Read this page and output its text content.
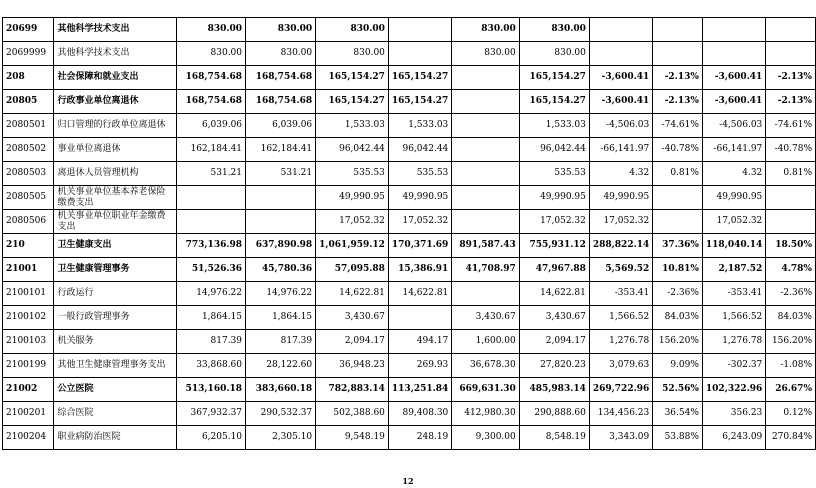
20699	其他科学技术支出	830.00	830.00	830.00		830.00	830.00				
2069999	其他科学技术支出	830.00	830.00	830.00		830.00	830.00				
208	社会保障和就业支出	168,754.68	168,754.68	165,154.27	165,154.27		165,154.27	-3,600.41	-2.13%	-3,600.41	-2.13%
20805	行政事业单位离退休	168,754.68	168,754.68	165,154.27	165,154.27		165,154.27	-3,600.41	-2.13%	-3,600.41	-2.13%
2080501	归口管理的行政单位离退休	6,039.06	6,039.06	1,533.03	1,533.03		1,533.03	-4,506.03	-74.61%	-4,506.03	-74.61%
2080502	事业单位离退休	162,184.41	162,184.41	96,042.44	96,042.44		96,042.44	-66,141.97	-40.78%	-66,141.97	-40.78%
2080503	离退休人员管理机构	531.21	531.21	535.53	535.53		535.53	4.32	0.81%	4.32	0.81%
2080505	机关事业单位基本养老保险缴费支出			49,990.95	49,990.95		49,990.95	49,990.95		49,990.95	
2080506	机关事业单位职业年金缴费支出			17,052.32	17,052.32		17,052.32	17,052.32		17,052.32	
210	卫生健康支出	773,136.98	637,890.98	1,061,959.12	170,371.69	891,587.43	755,931.12	288,822.14	37.36%	118,040.14	18.50%
21001	卫生健康管理事务	51,526.36	45,780.36	57,095.88	15,386.91	41,708.97	47,967.88	5,569.52	10.81%	2,187.52	4.78%
2100101	行政运行	14,976.22	14,976.22	14,622.81	14,622.81		14,622.81	-353.41	-2.36%	-353.41	-2.36%
2100102	一般行政管理事务	1,864.15	1,864.15	3,430.67		3,430.67	3,430.67	1,566.52	84.03%	1,566.52	84.03%
2100103	机关服务	817.39	817.39	2,094.17	494.17	1,600.00	2,094.17	1,276.78	156.20%	1,276.78	156.20%
2100199	其他卫生健康管理事务支出	33,868.60	28,122.60	36,948.23	269.93	36,678.30	27,820.23	3,079.63	9.09%	-302.37	-1.08%
21002	公立医院	513,160.18	383,660.18	782,883.14	113,251.84	669,631.30	485,983.14	269,722.96	52.56%	102,322.96	26.67%
2100201	综合医院	367,932.37	290,532.37	502,388.60	89,408.30	412,980.30	290,888.60	134,456.23	36.54%	356.23	0.12%
2100204	职业病防治医院	6,205.10	2,305.10	9,548.19	248.19	9,300.00	8,548.19	3,343.09	53.88%	6,243.09	270.84%
12
